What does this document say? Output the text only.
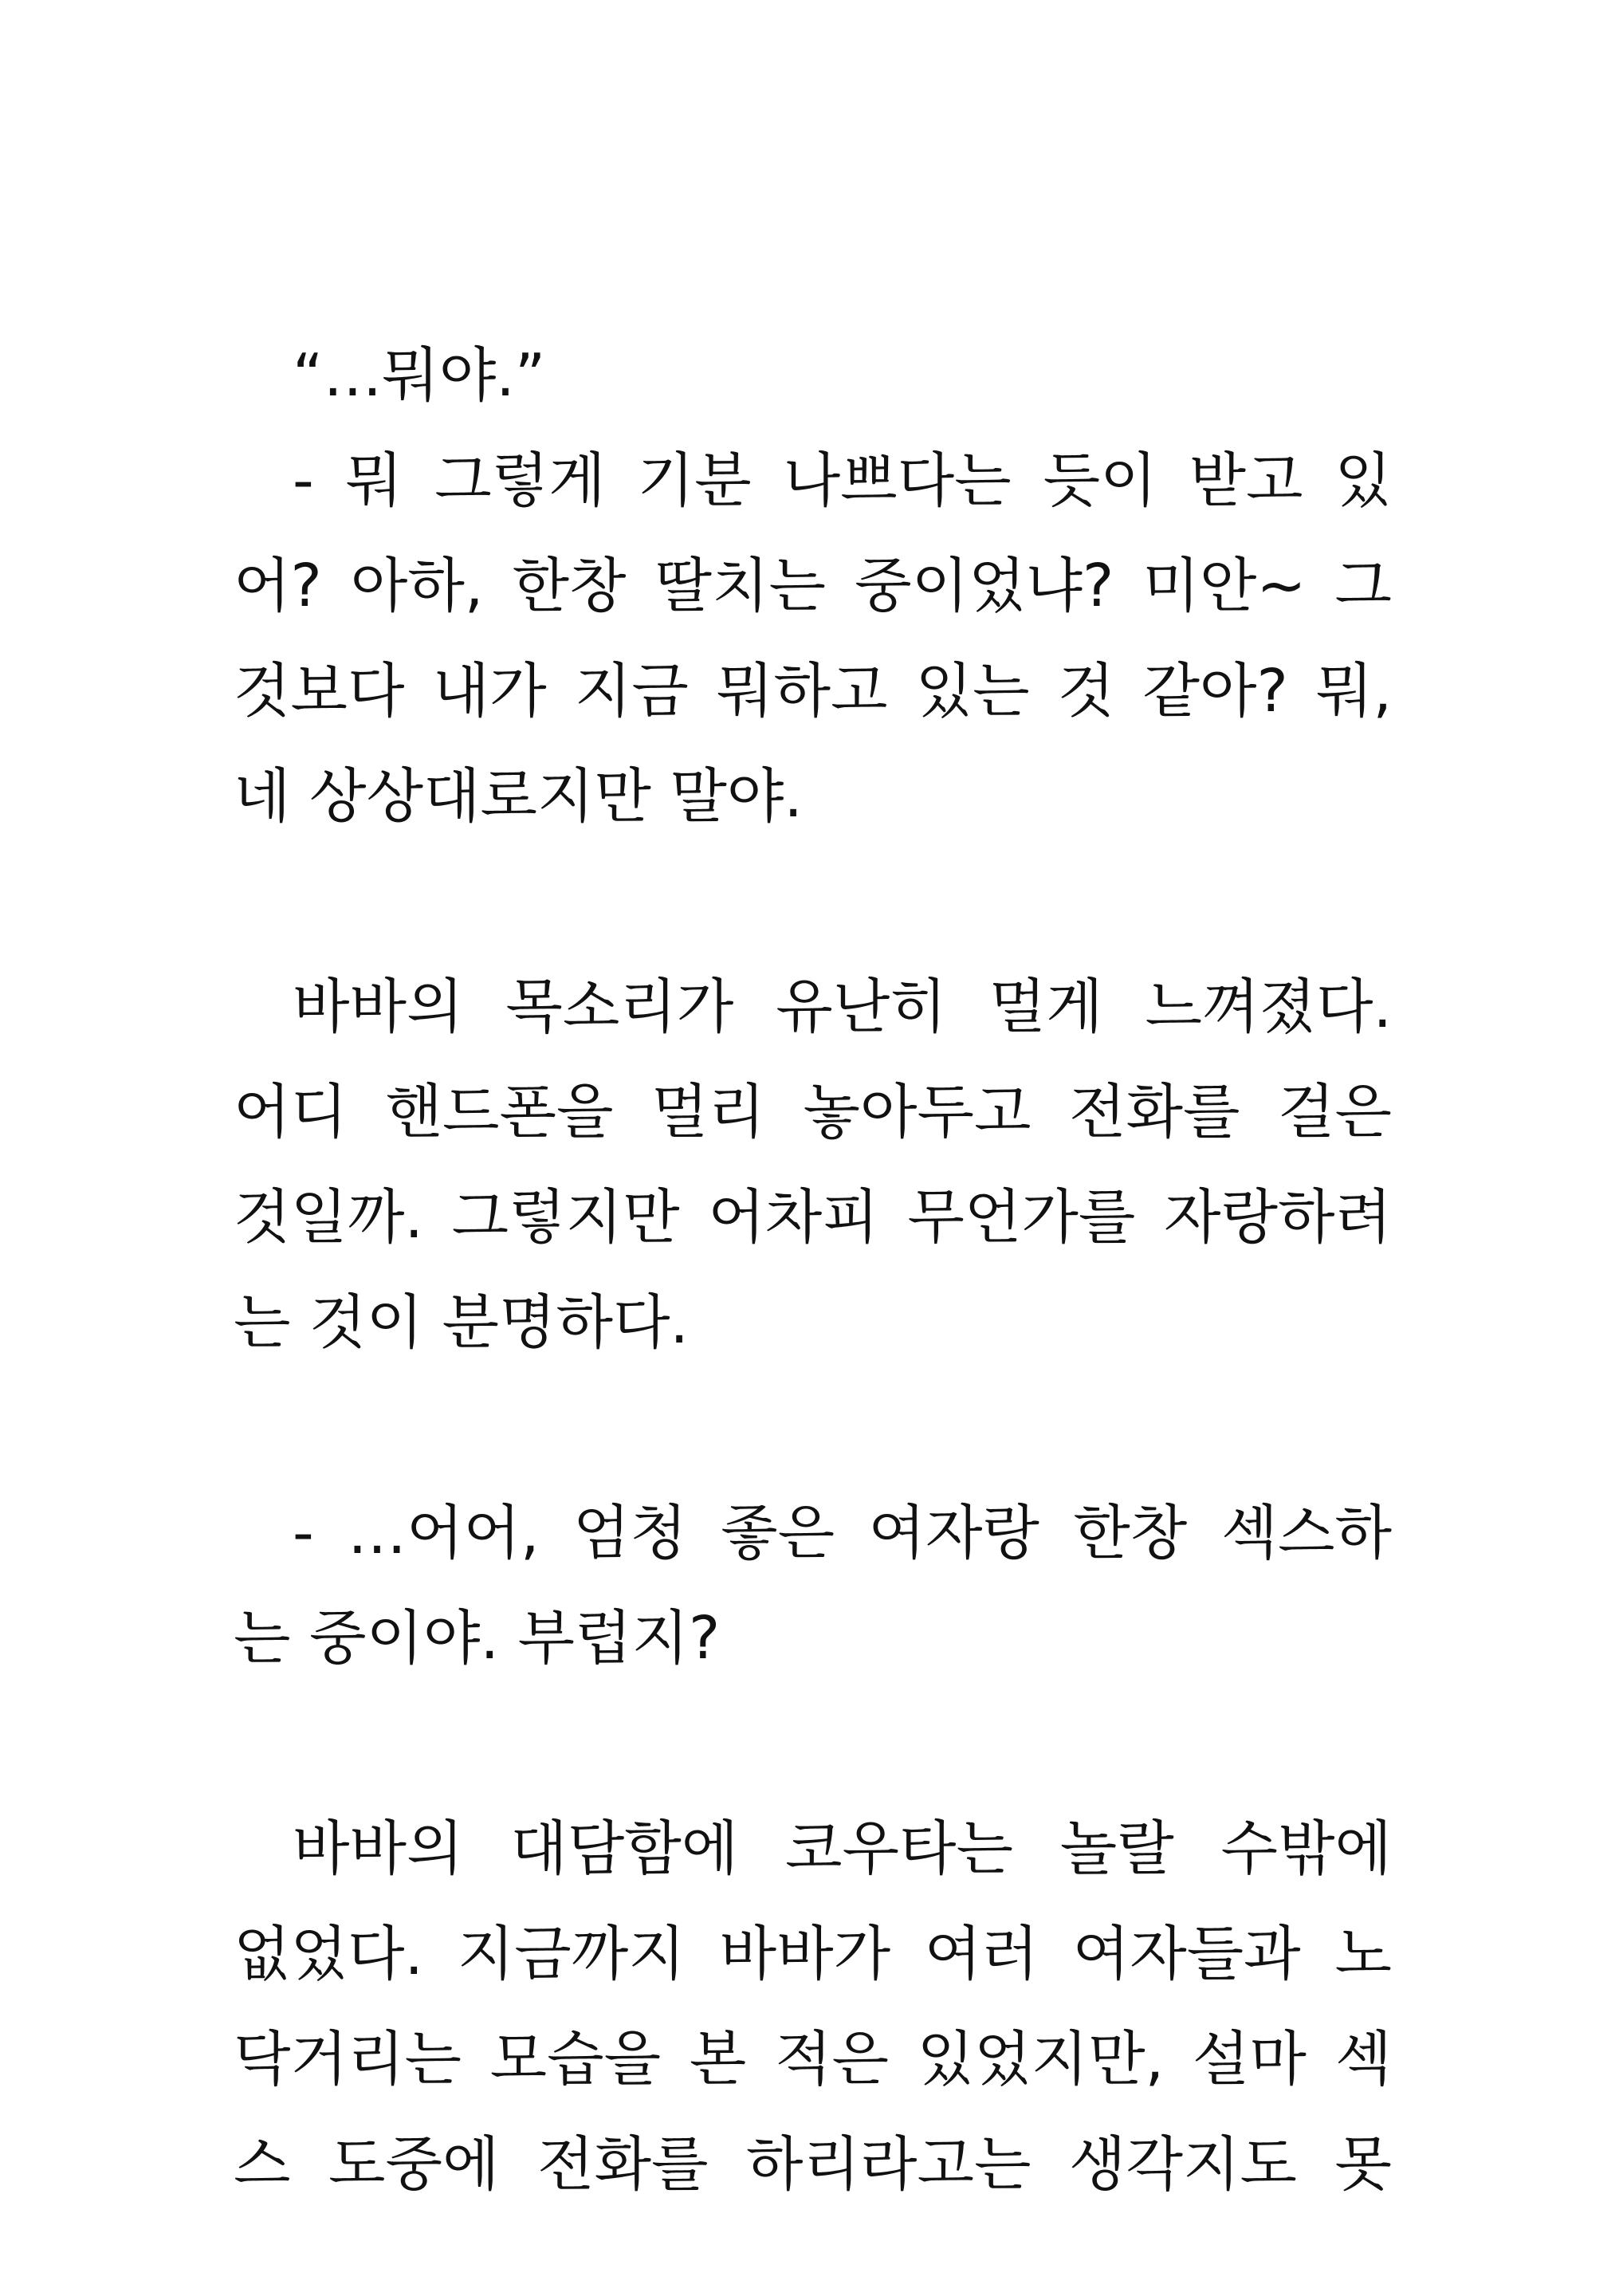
“…뭐야.”
- 뭐 그렇게 기분 나쁘다는 듯이 받고 있
어? 아하, 한창 딸치는 중이었냐? 미안~ 그
것보다 내가 지금 뭐하고 있는 것 같아? 뭐,
네 상상대로지만 말야.
바바의 목소리가 유난히 멀게 느껴졌다.
어디 핸드폰을 멀리 놓아두고 전화를 걸은
것일까. 그렇지만 어차피 무언가를 자랑하려
는 것이 분명하다.
- …어어, 엄청 좋은 여자랑 한창 섹스하
는 중이야. 부럽지?
바바의 대담함에 코우타는 놀랄 수밖에
없었다. 지금까지 바바가 여러 여자들과 노
닥거리는 모습을 본 적은 있었지만, 설마 섹
스 도중에 전화를 하리라고는 생각지도 못
